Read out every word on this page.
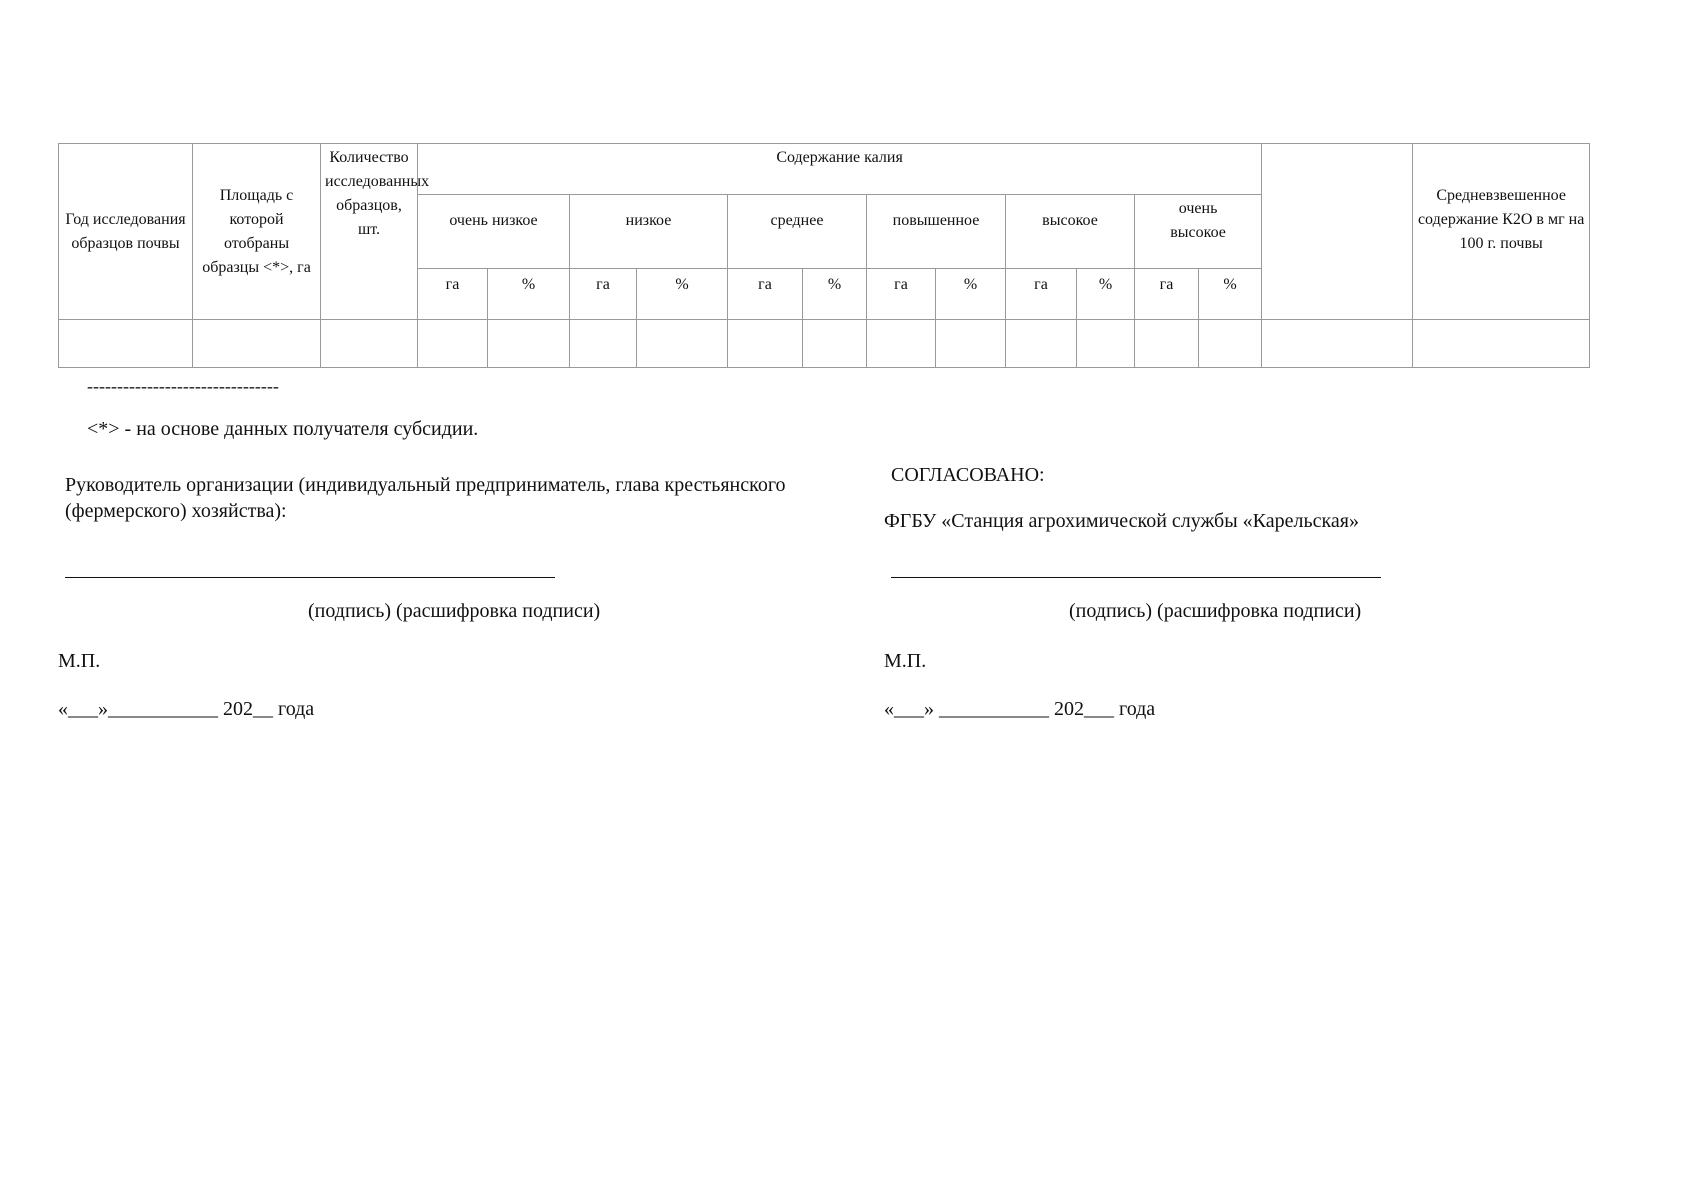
Год исследования образцов почвы	Площадь с которой отобраны образцы <*>, га	Количество исследованных образцов, шт.	Содержание калия													Средневзвешенное содержание К2О в мг на 100 г. почвы
			очень низкое		низкое		среднее		повышенное		высокое		очень высокое			
			га	%	га	%	га	%	га	%	га	%	га	%		

--------------------------------
<*> - на основе данных получателя субсидии.
Руководитель организации (индивидуальный предприниматель, глава крестьянского
(фермерского) хозяйства):
(подпись) (расшифровка подписи)
М.П.
«___»___________ 202__ года
СОГЛАСОВАНО:
ФГБУ «Станция агрохимической службы «Карельская»
(подпись) (расшифровка подписи)
М.П.
«___» ___________ 202___ года
